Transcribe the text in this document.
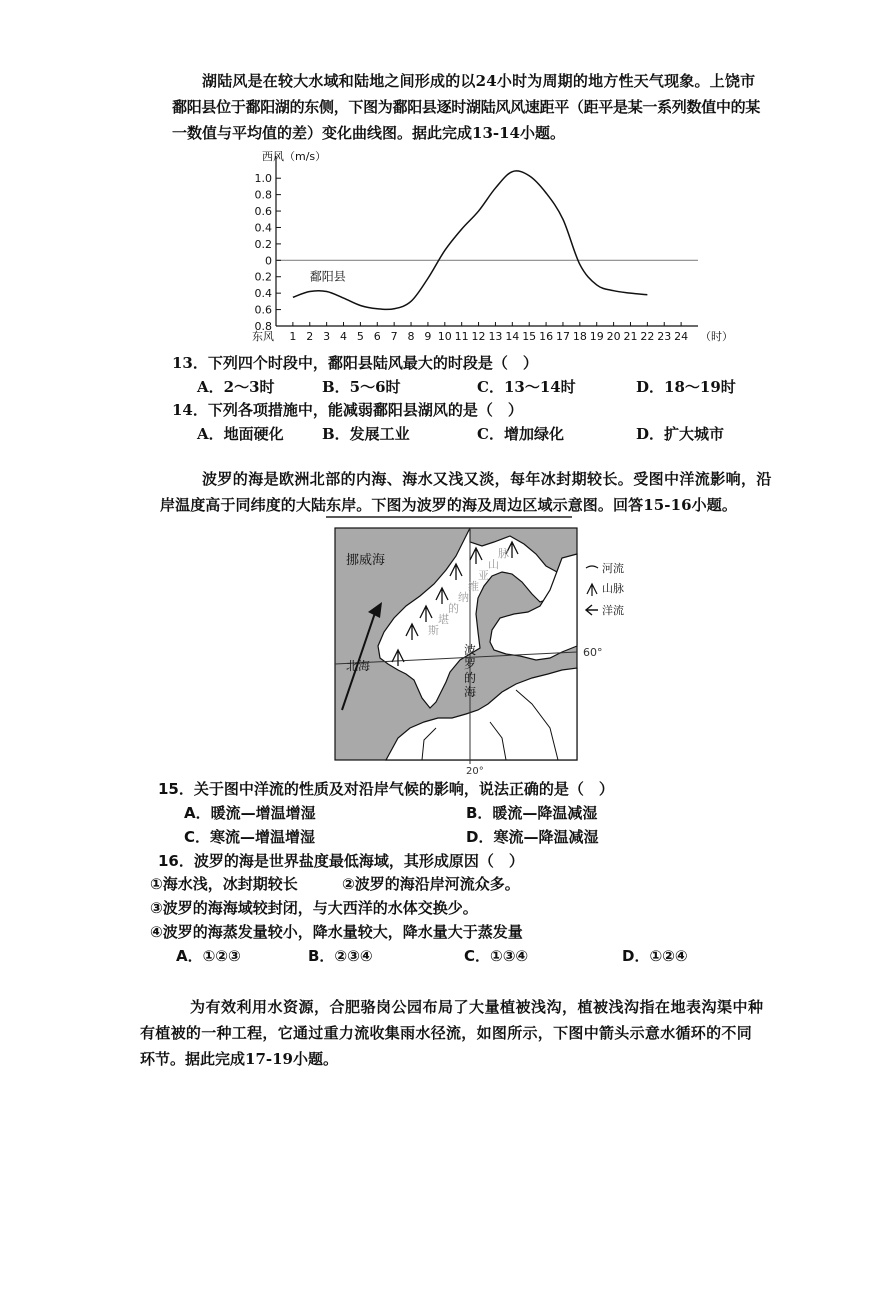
湖陆风是在较大水域和陆地之间形成的以24小时为周期的地方性天气现象。上饶市
鄱阳县位于鄱阳湖的东侧，下图为鄱阳县逐时湖陆风风速距平（距平是某一系列数值中的某
一数值与平均值的差）变化曲线图。据此完成13-14小题。
1.0
0.8
0.6
0.4
0.2
0
0.2
0.4
0.6
0.8
1 2 3 4 5 6 7 8 9 10 11 12 13 14 15 16 17 18 19 20 21 22 23 24
东风	（时）
西风（m/s）
鄱阳县
13．下列四个时段中，鄱阳县陆风最大的时段是（　）
A．2～3时	B．5～6时	C．13～14时	D．18～19时
14．下列各项措施中，能减弱鄱阳县湖风的是（　）
A．地面硬化	B．发展工业	C．增加绿化	D．扩大城市
波罗的海是欧洲北部的内海、海水又浅又淡，每年冰封期较长。受图中洋流影响，沿
岸温度高于同纬度的大陆东岸。下图为波罗的海及周边区域示意图。回答15-16小题。
斯
堪
的
纳
维
亚
山
脉
挪威海
北海
波
罗
的
海
60°
20°
河流
山脉
洋流
15．关于图中洋流的性质及对沿岸气候的影响，说法正确的是（　）
A．暖流—增温增湿	B．暖流—降温减湿
C．寒流—增温增湿	D．寒流—降温减湿
16．波罗的海是世界盐度最低海域，其形成原因（　）
①海水浅，冰封期较长	②波罗的海沿岸河流众多。
③波罗的海海域较封闭，与大西洋的水体交换少。
④波罗的海蒸发量较小，降水量较大，降水量大于蒸发量
A．①②③	B．②③④	C．①③④	D．①②④
为有效利用水资源，合肥骆岗公园布局了大量植被浅沟，植被浅沟指在地表沟渠中种
有植被的一种工程，它通过重力流收集雨水径流，如图所示，下图中箭头示意水循环的不同
环节。据此完成17-19小题。
